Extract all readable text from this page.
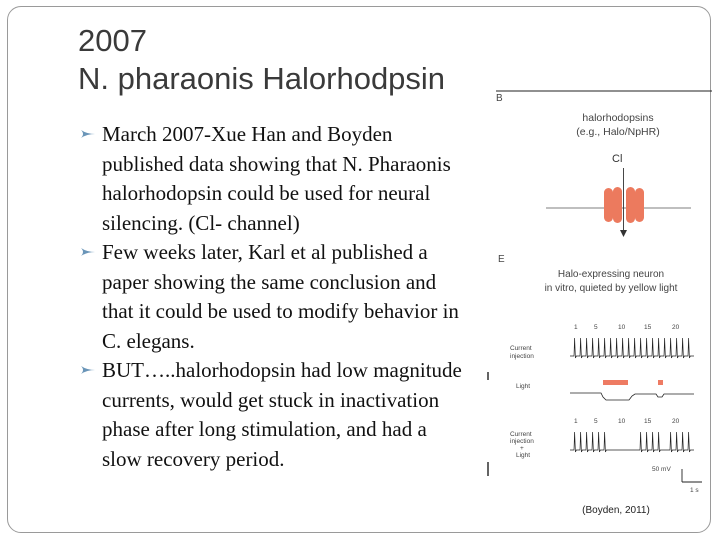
2007
N. pharaonis Halorhodpsin
March 2007-Xue Han and Boyden published data showing that N. Pharaonis halorhodopsin could be used for neural silencing. (Cl- channel)
Few weeks later, Karl et al published a paper showing the same conclusion and that it could be used to modify behavior in C. elegans.
BUT…..halorhodopsin had low magnitude currents, would get stuck in inactivation phase after long stimulation, and had a slow recovery period.
B
halorhodopsins
(e.g., Halo/NpHR)
Cl
E
Halo-expressing neuron
in vitro, quieted by yellow light
1	5	10	15	20
Current
injection
Light
1	5	10	15	20
Current
injection
+
Light
50 mV
1 s
(Boyden, 2011)
